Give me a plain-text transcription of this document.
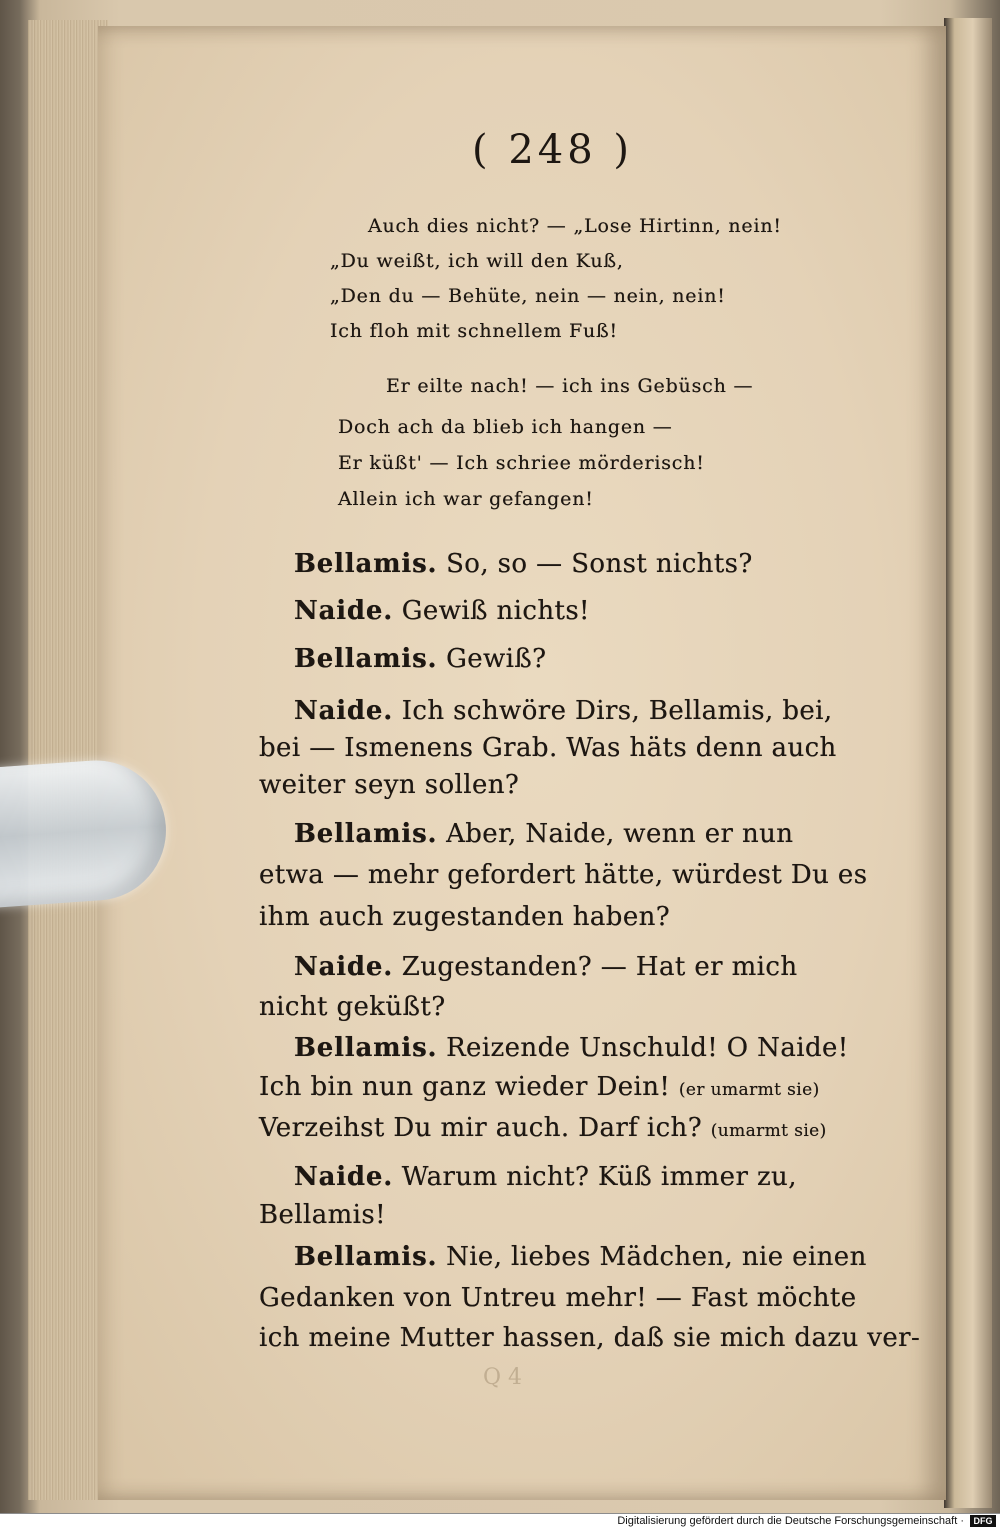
( 248 )
Auch dies nicht? — „Lose Hirtinn, nein!
„Du weißt, ich will den Kuß,
„Den du — Behüte, nein — nein, nein!
Ich floh mit schnellem Fuß!
Er eilte nach! — ich ins Gebüsch —
Doch ach da blieb ich hangen —
Er küßt' — Ich schriee mörderisch!
Allein ich war gefangen!
Bellamis. So, so — Sonst nichts?
Naide. Gewiß nichts!
Bellamis. Gewiß?
Naide. Ich schwöre Dirs, Bellamis, bei,
bei — Ismenens Grab. Was häts denn auch
weiter seyn sollen?
Bellamis. Aber, Naide, wenn er nun
etwa — mehr gefordert hätte, würdest Du es
ihm auch zugestanden haben?
Naide. Zugestanden? — Hat er mich
nicht geküßt?
Bellamis. Reizende Unschuld! O Naide!
Ich bin nun ganz wieder Dein! (er umarmt sie)
Verzeihst Du mir auch. Darf ich? (umarmt sie)
Naide. Warum nicht? Küß immer zu,
Bellamis!
Bellamis. Nie, liebes Mädchen, nie einen
Gedanken von Untreu mehr! — Fast möchte
ich meine Mutter hassen, daß sie mich dazu ver-
Q 4
Digitalisierung gefördert durch die Deutsche Forschungsgemeinschaft ·	DFG
